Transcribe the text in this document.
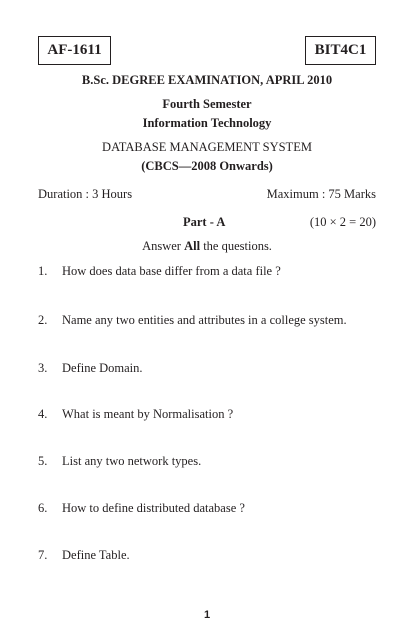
AF-1611	BIT4C1
B.Sc. DEGREE EXAMINATION, APRIL 2010
Fourth Semester
Information Technology
DATABASE MANAGEMENT SYSTEM
(CBCS—2008 Onwards)
Duration : 3 Hours	Maximum : 75 Marks
Part - A	(10 × 2 = 20)
Answer All the questions.
1. How does data base differ from a data file ?
2. Name any two entities and attributes in a college system.
3. Define Domain.
4. What is meant by Normalisation ?
5. List any two network types.
6. How to define distributed database ?
7. Define Table.
1
